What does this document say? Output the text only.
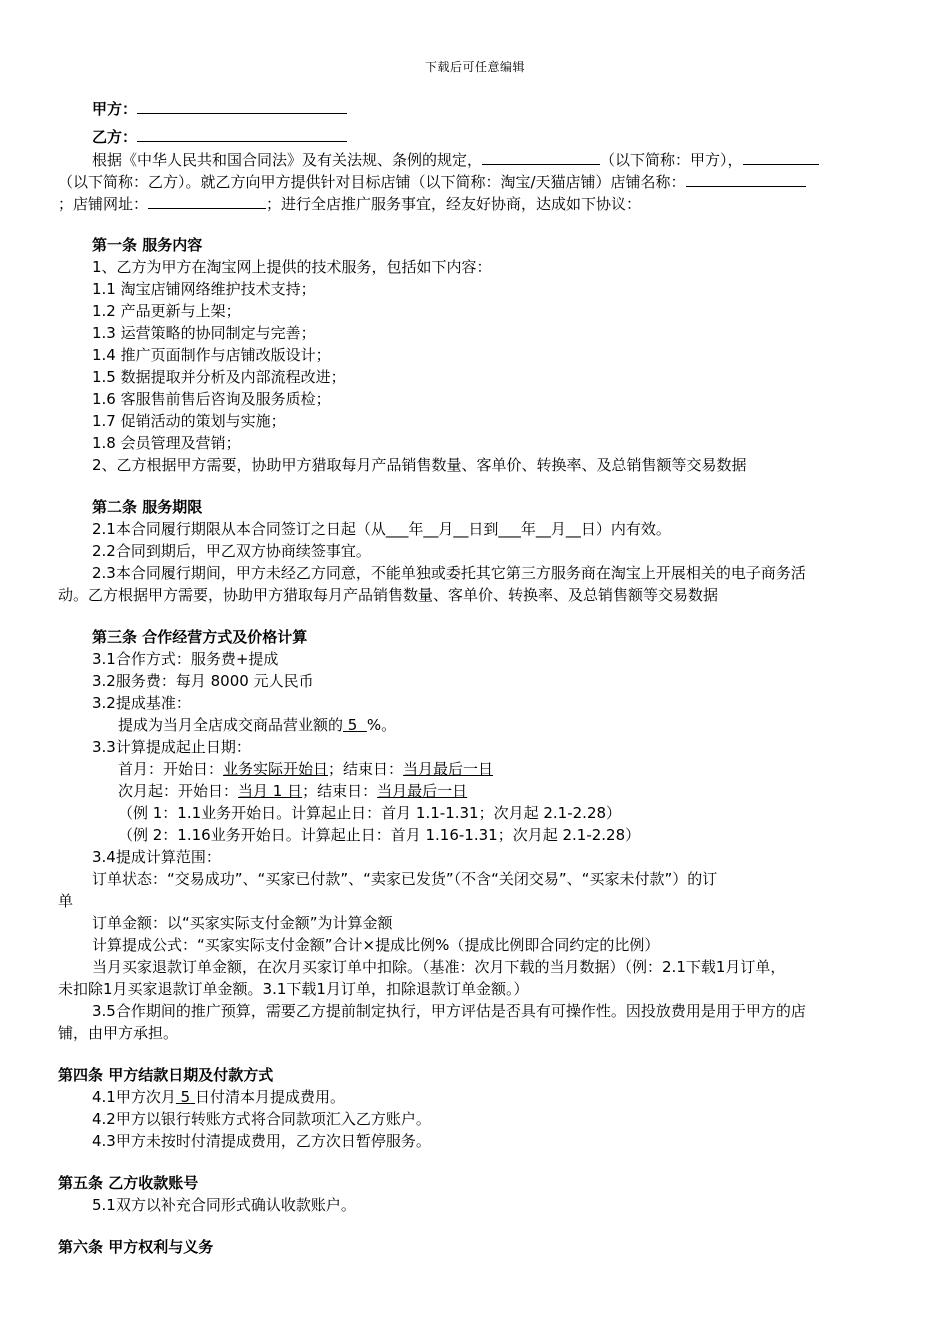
下载后可任意编辑
甲方：
乙方：
根据《中华人民共和国合同法》及有关法规、条例的规定，	（以下简称：甲方），
（以下简称：乙方）。就乙方向甲方提供针对目标店铺（以下简称：淘宝/天猫店铺）店铺名称：
；店铺网址：	；进行全店推广服务事宜，经友好协商，达成如下协议：
第一条 服务内容
1、乙方为甲方在淘宝网上提供的技术服务，包括如下内容：
1.1 淘宝店铺网络维护技术支持；
1.2 产品更新与上架；
1.3 运营策略的协同制定与完善；
1.4 推广页面制作与店铺改版设计；
1.5 数据提取并分析及内部流程改进；
1.6 客服售前售后咨询及服务质检；
1.7 促销活动的策划与实施；
1.8 会员管理及营销；
2、乙方根据甲方需要，协助甲方猎取每月产品销售数量、客单价、转换率、及总销售额等交易数据
第二条 服务期限
2.1本合同履行期限从本合同签订之日起（从___年__月__日到___年__月__日）内有效。
2.2合同到期后，甲乙双方协商续签事宜。
2.3本合同履行期间，甲方未经乙方同意，不能单独或委托其它第三方服务商在淘宝上开展相关的电子商务活
动。乙方根据甲方需要，协助甲方猎取每月产品销售数量、客单价、转换率、及总销售额等交易数据
第三条 合作经营方式及价格计算
3.1合作方式：服务费+提成
3.2服务费：每月 8000 元人民币
3.2提成基准：
提成为当月全店成交商品营业额的 5 %。
3.3计算提成起止日期：
首月：开始日：业务实际开始日；结束日：当月最后一日
次月起：开始日：当月 1 日；结束日：当月最后一日
（例 1：1.1业务开始日。计算起止日：首月 1.1-1.31；次月起 2.1-2.28）
（例 2：1.16业务开始日。计算起止日：首月 1.16-1.31；次月起 2.1-2.28）
3.4提成计算范围：
订单状态：“交易成功”、“买家已付款”、“卖家已发货”（不含“关闭交易”、“买家未付款”）的订
单
订单金额：以“买家实际支付金额”为计算金额
计算提成公式：“买家实际支付金额”合计×提成比例%（提成比例即合同约定的比例）
当月买家退款订单金额，在次月买家订单中扣除。（基准：次月下载的当月数据）（例：2.1下载1月订单，
未扣除1月买家退款订单金额。3.1下载1月订单，扣除退款订单金额。）
3.5合作期间的推广预算，需要乙方提前制定执行，甲方评估是否具有可操作性。因投放费用是用于甲方的店
铺，由甲方承担。
第四条 甲方结款日期及付款方式
4.1甲方次月 5 日付清本月提成费用。
4.2甲方以银行转账方式将合同款项汇入乙方账户。
4.3甲方未按时付清提成费用，乙方次日暂停服务。
第五条 乙方收款账号
5.1双方以补充合同形式确认收款账户。
第六条 甲方权利与义务
